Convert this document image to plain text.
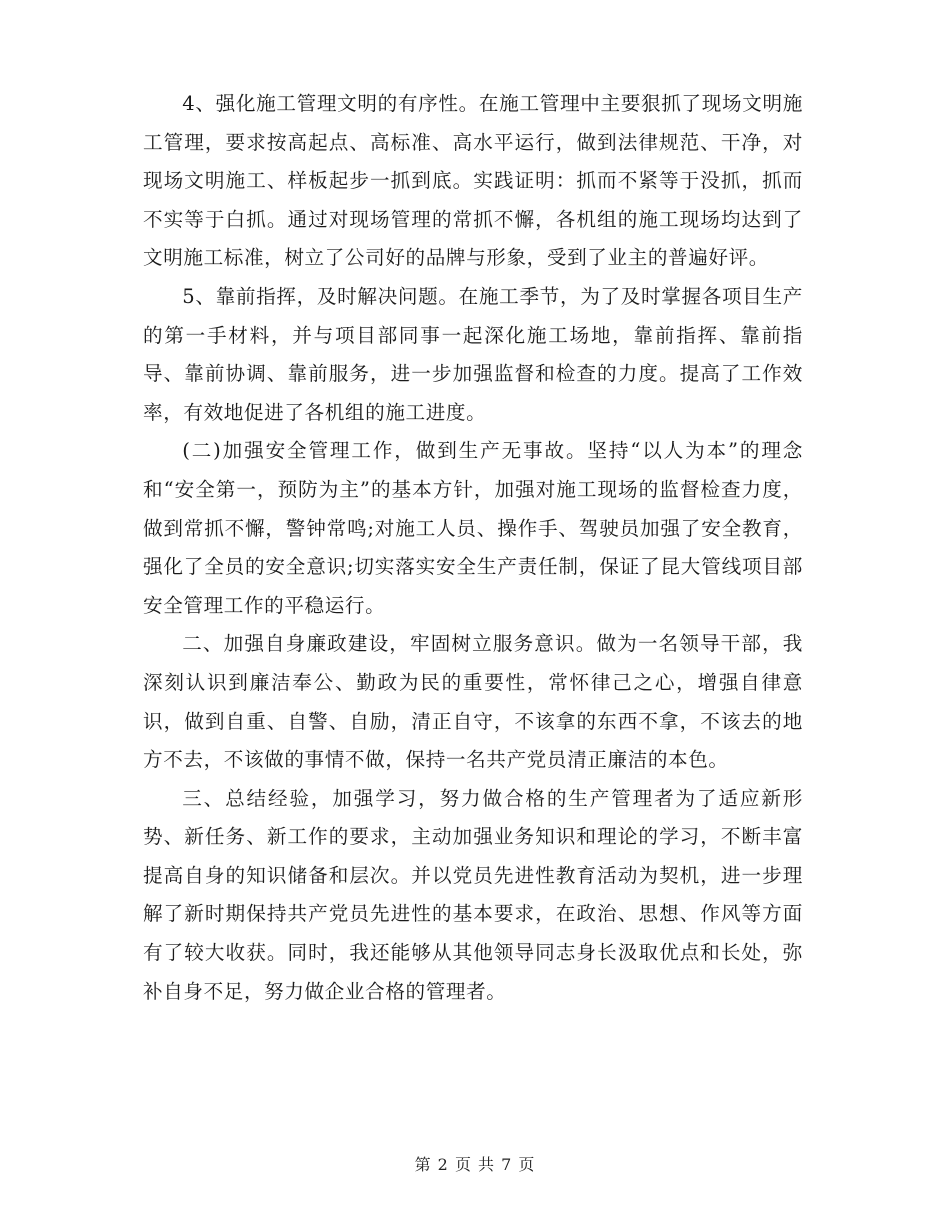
4、强化施工管理文明的有序性。在施工管理中主要狠抓了现场文明施工管理，要求按高起点、高标准、高水平运行，做到法律规范、干净，对现场文明施工、样板起步一抓到底。实践证明：抓而不紧等于没抓，抓而不实等于白抓。通过对现场管理的常抓不懈，各机组的施工现场均达到了文明施工标准，树立了公司好的品牌与形象，受到了业主的普遍好评。

5、靠前指挥，及时解决问题。在施工季节，为了及时掌握各项目生产的第一手材料，并与项目部同事一起深化施工场地，靠前指挥、靠前指导、靠前协调、靠前服务，进一步加强监督和检查的力度。提高了工作效率，有效地促进了各机组的施工进度。

(二)加强安全管理工作，做到生产无事故。坚持“以人为本”的理念和“安全第一，预防为主”的基本方针，加强对施工现场的监督检查力度，做到常抓不懈，警钟常鸣;对施工人员、操作手、驾驶员加强了安全教育，强化了全员的安全意识;切实落实安全生产责任制，保证了昆大管线项目部安全管理工作的平稳运行。

二、加强自身廉政建设，牢固树立服务意识。做为一名领导干部，我深刻认识到廉洁奉公、勤政为民的重要性，常怀律己之心，增强自律意识，做到自重、自警、自励，清正自守，不该拿的东西不拿，不该去的地方不去，不该做的事情不做，保持一名共产党员清正廉洁的本色。

三、总结经验，加强学习，努力做合格的生产管理者为了适应新形势、新任务、新工作的要求，主动加强业务知识和理论的学习，不断丰富提高自身的知识储备和层次。并以党员先进性教育活动为契机，进一步理解了新时期保持共产党员先进性的基本要求，在政治、思想、作风等方面有了较大收获。同时，我还能够从其他领导同志身长汲取优点和长处，弥补自身不足，努力做企业合格的管理者。

第 2 页 共 7 页
